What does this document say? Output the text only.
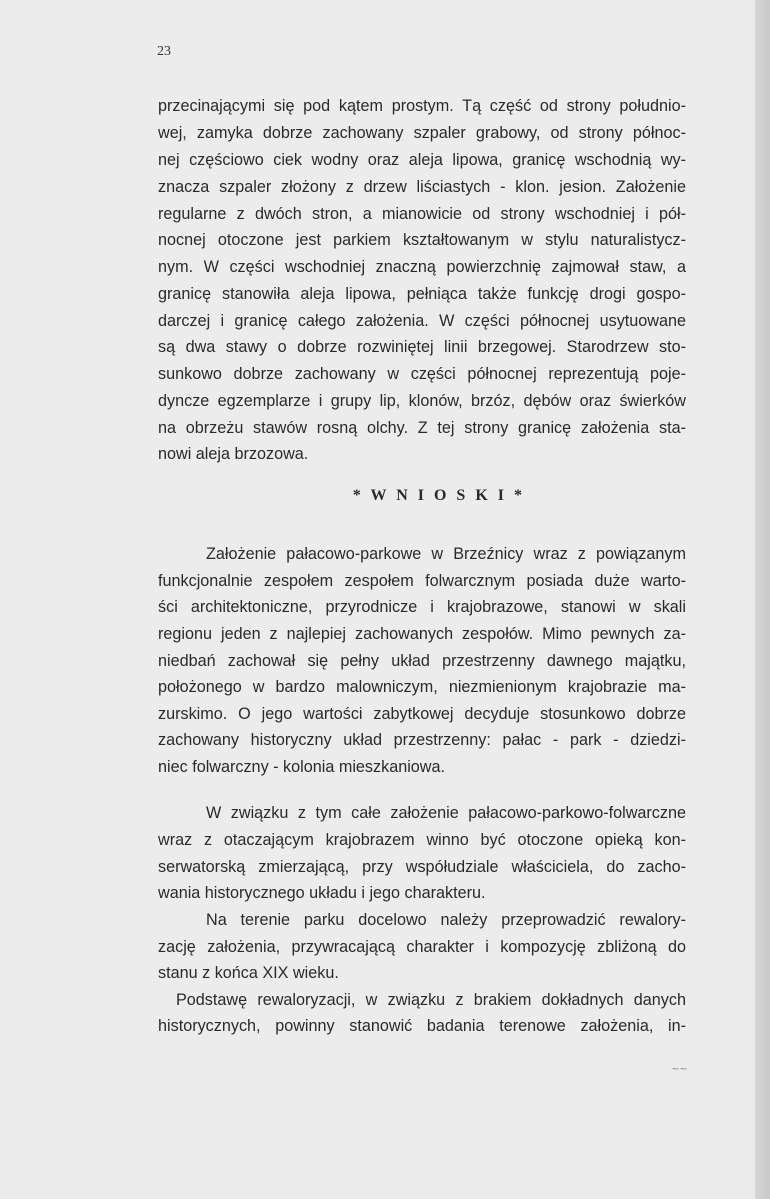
23
przecinającymi się pod kątem prostym. Tą część od strony południo-
wej, zamyka dobrze zachowany szpaler grabowy, od strony północ-
nej częściowo ciek wodny oraz aleja lipowa, granicę wschodnią wy-
znacza szpaler złożony z drzew liściastych - klon. jesion. Założenie
regularne z dwóch stron, a mianowicie od strony wschodniej i pół-
nocnej otoczone jest parkiem kształtowanym w stylu naturalistycz-
nym. W części wschodniej znaczną powierzchnię zajmował staw, a
granicę stanowiła aleja lipowa, pełniąca także funkcję drogi gospo-
darczej i granicę całego założenia. W części północnej usytuowane
są dwa stawy o dobrze rozwiniętej linii brzegowej. Starodrzew sto-
sunkowo dobrze zachowany w części północnej reprezentują poje-
dyncze egzemplarze i grupy lip, klonów, brzóz, dębów oraz świerków
na obrzeżu stawów rosną olchy. Z tej strony granicę założenia sta-
nowi aleja brzozowa.
* W N I O S K I *
Założenie pałacowo-parkowe w Brzeźnicy wraz z powiązanym
funkcjonalnie zespołem zespołem folwarcznym posiada duże warto-
ści architektoniczne, przyrodnicze i krajobrazowe, stanowi w skali
regionu jeden z najlepiej zachowanych zespołów. Mimo pewnych za-
niedbań zachował się pełny układ przestrzenny dawnego majątku,
położonego w bardzo malowniczym, niezmienionym krajobrazie ma-
zurskimo. O jego wartości zabytkowej decyduje stosunkowo dobrze
zachowany historyczny układ przestrzenny: pałac - park - dziedzi-
niec folwarczny - kolonia mieszkaniowa.
W związku z tym całe założenie pałacowo-parkowo-folwarczne
wraz z otaczającym krajobrazem winno być otoczone opieką kon-
serwatorską zmierzającą, przy współudziale właściciela, do zacho-
wania historycznego układu i jego charakteru.
Na terenie parku docelowo należy przeprowadzić rewalory-
zację założenia, przywracającą charakter i kompozycję zbliżoną do
stanu z końca XIX wieku.
Podstawę rewaloryzacji, w związku z brakiem dokładnych danych
historycznych, powinny stanowić badania terenowe założenia, in-
~~
